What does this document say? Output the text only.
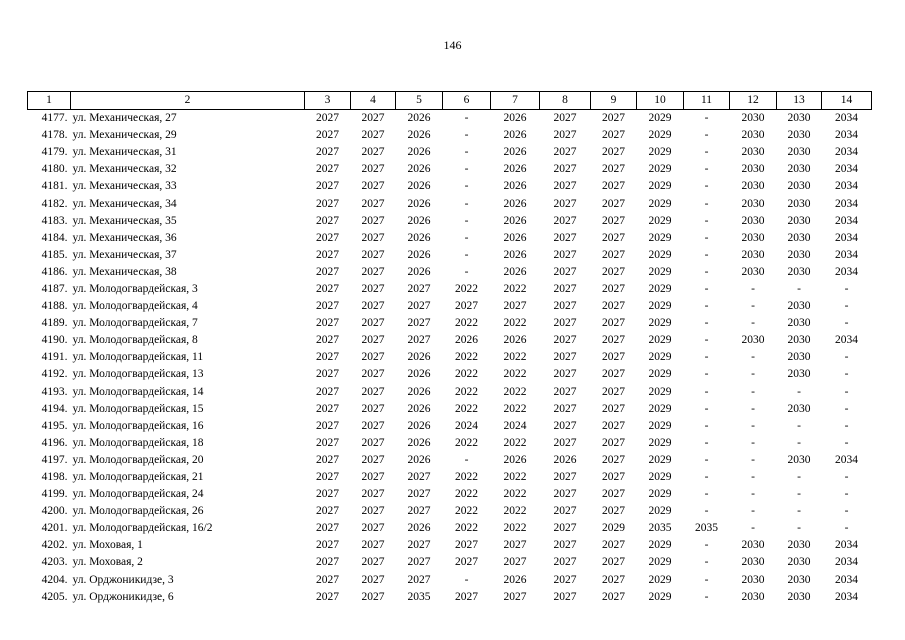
146
1	2	3	4	5	6	7	8	9	10	11	12	13	14
4177.	ул. Механическая, 27	2027	2027	2026	-	2026	2027	2027	2029	-	2030	2030	2034
4178.	ул. Механическая, 29	2027	2027	2026	-	2026	2027	2027	2029	-	2030	2030	2034
4179.	ул. Механическая, 31	2027	2027	2026	-	2026	2027	2027	2029	-	2030	2030	2034
4180.	ул. Механическая, 32	2027	2027	2026	-	2026	2027	2027	2029	-	2030	2030	2034
4181.	ул. Механическая, 33	2027	2027	2026	-	2026	2027	2027	2029	-	2030	2030	2034
4182.	ул. Механическая, 34	2027	2027	2026	-	2026	2027	2027	2029	-	2030	2030	2034
4183.	ул. Механическая, 35	2027	2027	2026	-	2026	2027	2027	2029	-	2030	2030	2034
4184.	ул. Механическая, 36	2027	2027	2026	-	2026	2027	2027	2029	-	2030	2030	2034
4185.	ул. Механическая, 37	2027	2027	2026	-	2026	2027	2027	2029	-	2030	2030	2034
4186.	ул. Механическая, 38	2027	2027	2026	-	2026	2027	2027	2029	-	2030	2030	2034
4187.	ул. Молодогвардейская, 3	2027	2027	2027	2022	2022	2027	2027	2029	-	-	-	-
4188.	ул. Молодогвардейская, 4	2027	2027	2027	2027	2027	2027	2027	2029	-	-	2030	-
4189.	ул. Молодогвардейская, 7	2027	2027	2027	2022	2022	2027	2027	2029	-	-	2030	-
4190.	ул. Молодогвардейская, 8	2027	2027	2027	2026	2026	2027	2027	2029	-	2030	2030	2034
4191.	ул. Молодогвардейская, 11	2027	2027	2026	2022	2022	2027	2027	2029	-	-	2030	-
4192.	ул. Молодогвардейская, 13	2027	2027	2026	2022	2022	2027	2027	2029	-	-	2030	-
4193.	ул. Молодогвардейская, 14	2027	2027	2026	2022	2022	2027	2027	2029	-	-	-	-
4194.	ул. Молодогвардейская, 15	2027	2027	2026	2022	2022	2027	2027	2029	-	-	2030	-
4195.	ул. Молодогвардейская, 16	2027	2027	2026	2024	2024	2027	2027	2029	-	-	-	-
4196.	ул. Молодогвардейская, 18	2027	2027	2026	2022	2022	2027	2027	2029	-	-	-	-
4197.	ул. Молодогвардейская, 20	2027	2027	2026	-	2026	2026	2027	2029	-	-	2030	2034
4198.	ул. Молодогвардейская, 21	2027	2027	2027	2022	2022	2027	2027	2029	-	-	-	-
4199.	ул. Молодогвардейская, 24	2027	2027	2027	2022	2022	2027	2027	2029	-	-	-	-
4200.	ул. Молодогвардейская, 26	2027	2027	2027	2022	2022	2027	2027	2029	-	-	-	-
4201.	ул. Молодогвардейская, 16/2	2027	2027	2026	2022	2022	2027	2029	2035	2035	-	-	-
4202.	ул. Моховая, 1	2027	2027	2027	2027	2027	2027	2027	2029	-	2030	2030	2034
4203.	ул. Моховая, 2	2027	2027	2027	2027	2027	2027	2027	2029	-	2030	2030	2034
4204.	ул. Орджоникидзе, 3	2027	2027	2027	-	2026	2027	2027	2029	-	2030	2030	2034
4205.	ул. Орджоникидзе, 6	2027	2027	2035	2027	2027	2027	2027	2029	-	2030	2030	2034
